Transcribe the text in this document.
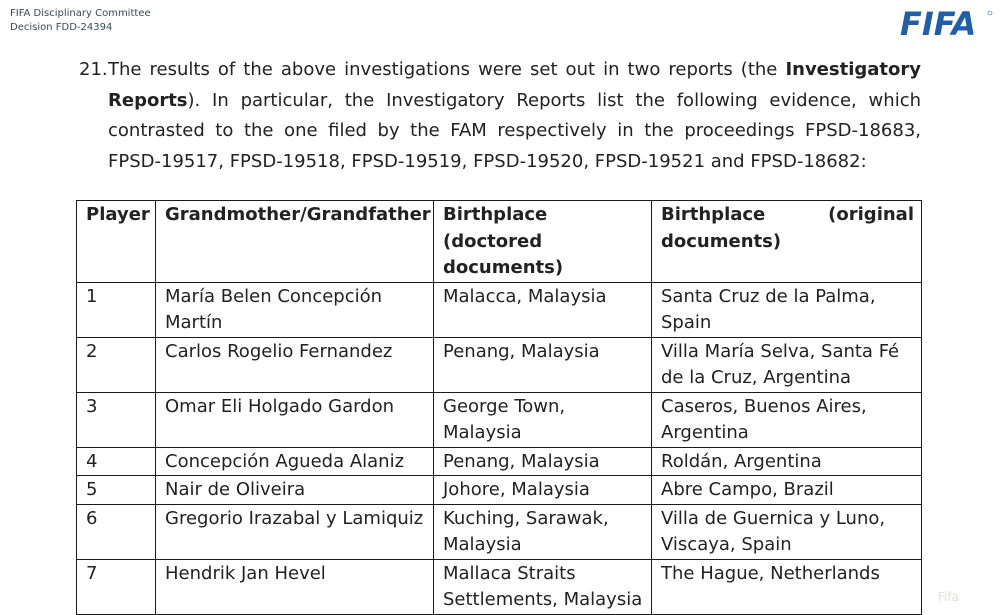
FIFA Disciplinary Committee
Decision FDD-24394	FIFA
21. The results of the above investigations were set out in two reports (the Investigatory Reports). In particular, the Investigatory Reports list the following evidence, which contrasted to the one filed by the FAM respectively in the proceedings FPSD-18683, FPSD-19517, FPSD-19518, FPSD-19519, FPSD-19520, FPSD-19521 and FPSD-18682:
Player	Grandmother/Grandfather	Birthplace (doctored documents)	Birthplace (original documents)
1	María Belen Concepción Martín	Malacca, Malaysia	Santa Cruz de la Palma, Spain
2	Carlos Rogelio Fernandez	Penang, Malaysia	Villa María Selva, Santa Fé de la Cruz, Argentina
3	Omar Eli Holgado Gardon	George Town, Malaysia	Caseros, Buenos Aires, Argentina
4	Concepción Agueda Alaniz	Penang, Malaysia	Roldán, Argentina
5	Nair de Oliveira	Johore, Malaysia	Abre Campo, Brazil
6	Gregorio Irazabal y Lamiquiz	Kuching, Sarawak, Malaysia	Villa de Guernica y Luno, Viscaya, Spain
7	Hendrik Jan Hevel	Mallaca Straits Settlements, Malaysia	The Hague, Netherlands
Fifa
